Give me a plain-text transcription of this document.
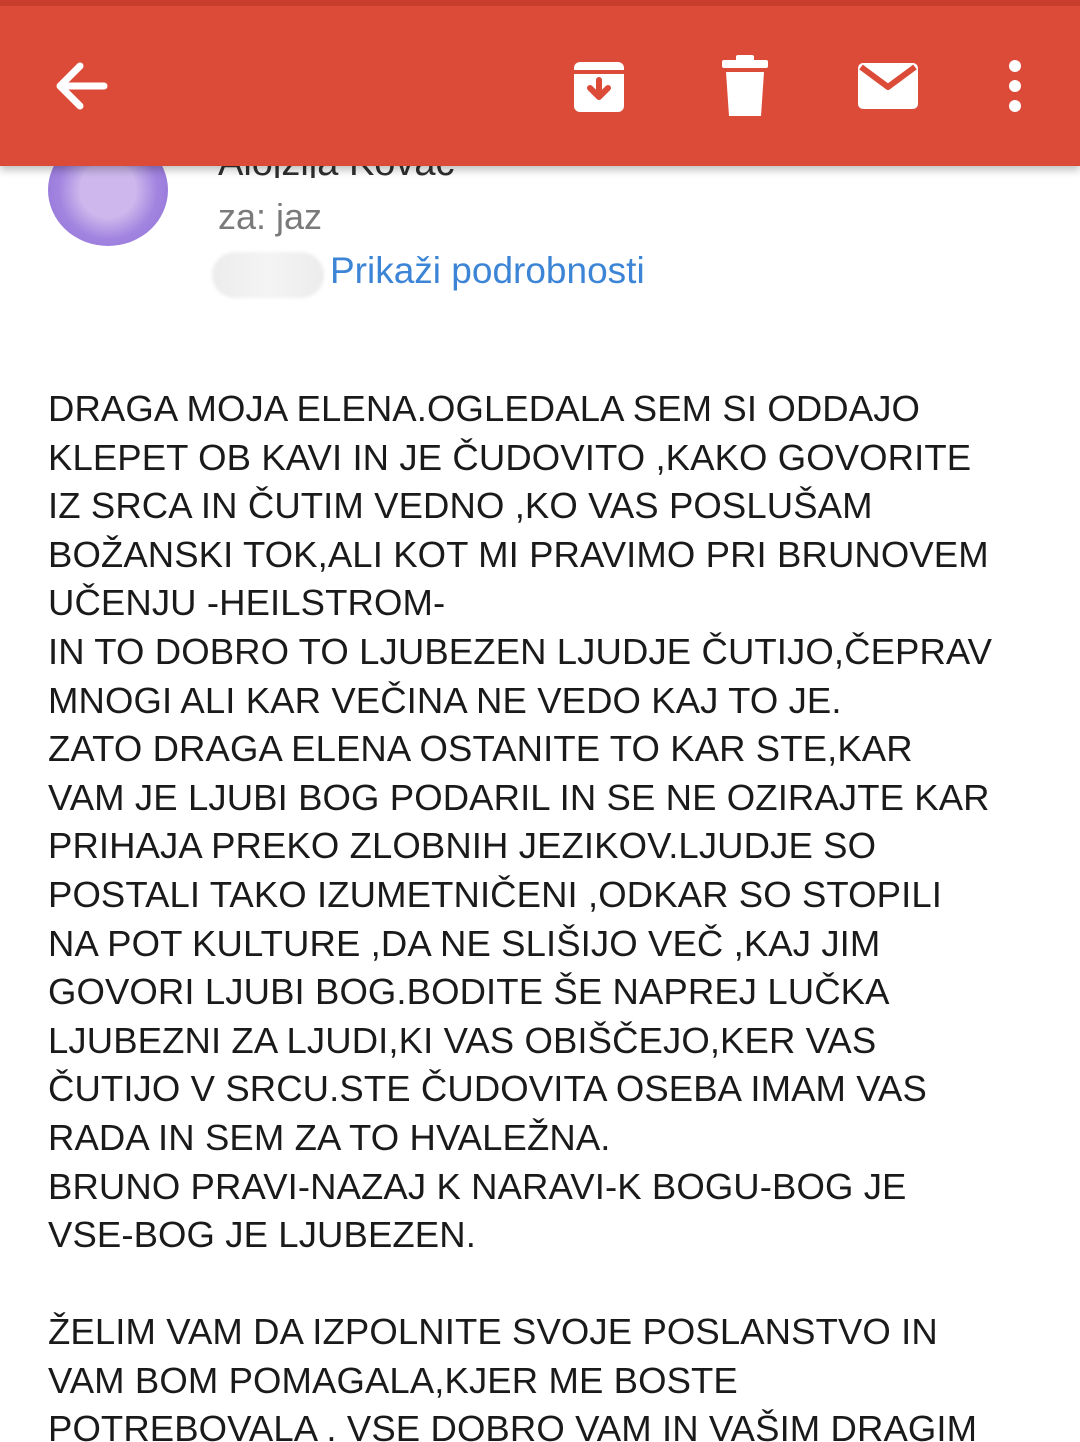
za: jaz
Prikaži podrobnosti
DRAGA MOJA ELENA.OGLEDALA SEM SI ODDAJO
KLEPET OB KAVI IN JE ČUDOVITO ,KAKO GOVORITE
IZ SRCA IN ČUTIM VEDNO ,KO VAS POSLUŠAM
BOŽANSKI TOK,ALI KOT MI PRAVIMO PRI BRUNOVEM
UČENJU -HEILSTROM-
IN TO DOBRO TO LJUBEZEN LJUDJE ČUTIJO,ČEPRAV
MNOGI ALI KAR VEČINA NE VEDO KAJ TO JE.
ZATO DRAGA ELENA OSTANITE TO KAR STE,KAR
VAM JE LJUBI BOG PODARIL IN SE NE OZIRAJTE KAR
PRIHAJA PREKO ZLOBNIH JEZIKOV.LJUDJE SO
POSTALI TAKO IZUMETNIČENI ,ODKAR SO STOPILI
NA POT KULTURE ,DA NE SLIŠIJO VEČ ,KAJ JIM
GOVORI LJUBI BOG.BODITE ŠE NAPREJ LUČKA
LJUBEZNI ZA LJUDI,KI VAS OBIŠČEJO,KER VAS
ČUTIJO V SRCU.STE ČUDOVITA OSEBA IMAM VAS
RADA IN SEM ZA TO HVALEŽNA.
BRUNO PRAVI-NAZAJ K NARAVI-K BOGU-BOG JE
VSE-BOG JE LJUBEZEN.
ŽELIM VAM DA IZPOLNITE SVOJE POSLANSTVO IN
VAM BOM POMAGALA,KJER ME BOSTE
POTREBOVALA . VSE DOBRO VAM IN VAŠIM DRAGIM
